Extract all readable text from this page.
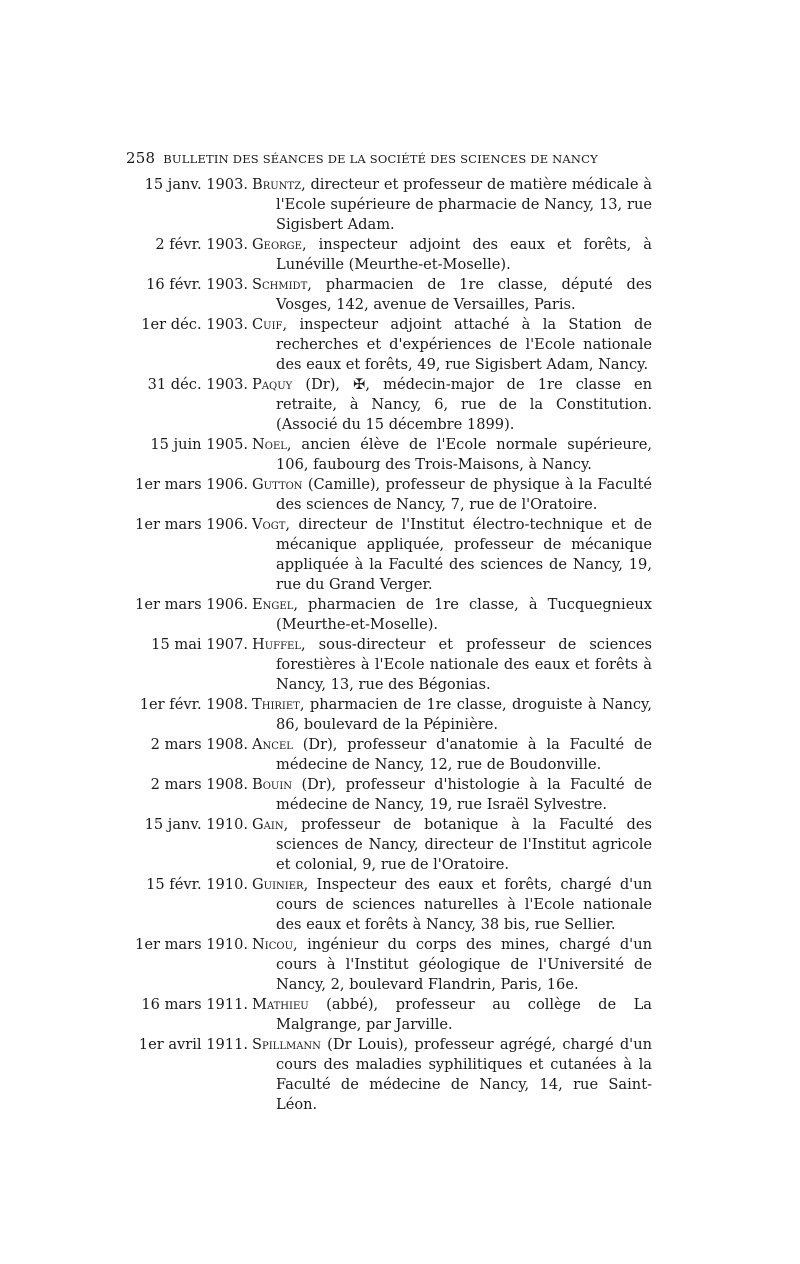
258 BULLETIN DES SÉANCES DE LA SOCIÉTÉ DES SCIENCES DE NANCY
15 janv. 1903. Bruntz, directeur et professeur de matière médicale à l'Ecole supérieure de pharmacie de Nancy, 13, rue Sigisbert Adam.
2 févr. 1903. George, inspecteur adjoint des eaux et forêts, à Lunéville (Meurthe-et-Moselle).
16 févr. 1903. Schmidt, pharmacien de 1re classe, député des Vosges, 142, avenue de Versailles, Paris.
1er déc. 1903. Cuif, inspecteur adjoint attaché à la Station de recherches et d'expériences de l'Ecole nationale des eaux et forêts, 49, rue Sigisbert Adam, Nancy.
31 déc. 1903. Paquy (Dr), ✠, médecin-major de 1re classe en retraite, à Nancy, 6, rue de la Constitution. (Associé du 15 décembre 1899).
15 juin 1905. Noel, ancien élève de l'Ecole normale supérieure, 106, faubourg des Trois-Maisons, à Nancy.
1er mars 1906. Gutton (Camille), professeur de physique à la Faculté des sciences de Nancy, 7, rue de l'Oratoire.
1er mars 1906. Vogt, directeur de l'Institut électro-technique et de mécanique appliquée, professeur de mécanique appliquée à la Faculté des sciences de Nancy, 19, rue du Grand Verger.
1er mars 1906. Engel, pharmacien de 1re classe, à Tucquegnieux (Meurthe-et-Moselle).
15 mai 1907. Huffel, sous-directeur et professeur de sciences forestières à l'Ecole nationale des eaux et forêts à Nancy, 13, rue des Bégonias.
1er févr. 1908. Thiriet, pharmacien de 1re classe, droguiste à Nancy, 86, boulevard de la Pépinière.
2 mars 1908. Ancel (Dr), professeur d'anatomie à la Faculté de médecine de Nancy, 12, rue de Boudonville.
2 mars 1908. Bouin (Dr), professeur d'histologie à la Faculté de médecine de Nancy, 19, rue Israël Sylvestre.
15 janv. 1910. Gain, professeur de botanique à la Faculté des sciences de Nancy, directeur de l'Institut agricole et colonial, 9, rue de l'Oratoire.
15 févr. 1910. Guinier, Inspecteur des eaux et forêts, chargé d'un cours de sciences naturelles à l'Ecole nationale des eaux et forêts à Nancy, 38 bis, rue Sellier.
1er mars 1910. Nicou, ingénieur du corps des mines, chargé d'un cours à l'Institut géologique de l'Université de Nancy, 2, boulevard Flandrin, Paris, 16e.
16 mars 1911. Mathieu (abbé), professeur au collège de La Malgrange, par Jarville.
1er avril 1911. Spillmann (Dr Louis), professeur agrégé, chargé d'un cours des maladies syphilitiques et cutanées à la Faculté de médecine de Nancy, 14, rue Saint-Léon.
